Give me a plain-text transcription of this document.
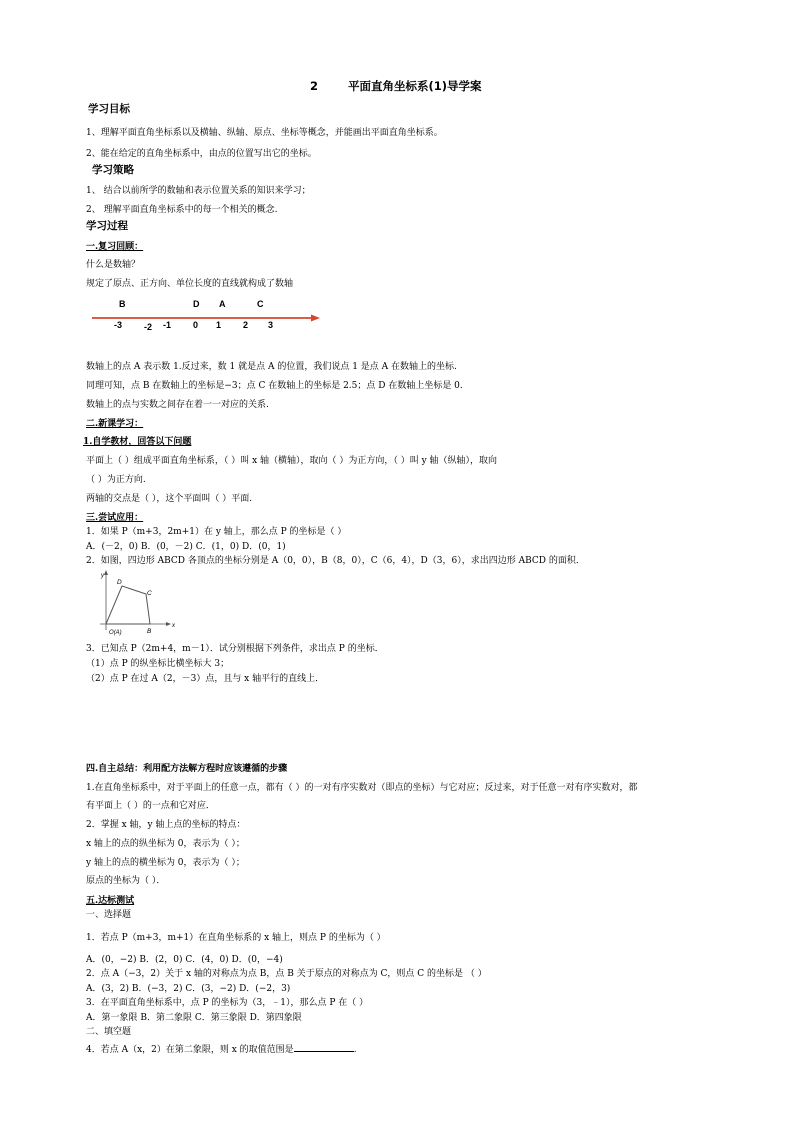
2	平面直角坐标系(1)导学案
学习目标
1、理解平面直角坐标系以及横轴、纵轴、原点、坐标等概念，并能画出平面直角坐标系。
2、能在给定的直角坐标系中，由点的位置写出它的坐标。
学习策略
1、 结合以前所学的数轴和表示位置关系的知识来学习；
2、 理解平面直角坐标系中的每一个相关的概念.
学习过程
一.复习回顾：
什么是数轴？
规定了原点、正方向、单位长度的直线就构成了数轴
B	D A	C
-3 -2 -1 0 1 2 3
数轴上的点 A 表示数 1.反过来，数 1 就是点 A 的位置，我们说点 1 是点 A 在数轴上的坐标.
同理可知，点 B 在数轴上的坐标是−3；点 C 在数轴上的坐标是 2.5；点 D 在数轴上坐标是 0.
数轴上的点与实数之间存在着一一对应的关系.
二.新课学习：
1.自学教材，回答以下问题
平面上（ ）组成平面直角坐标系，（ ）叫 x 轴（横轴），取向（ ）为正方向，（ ）叫 y 轴（纵轴），取向
（ ）为正方向.
两轴的交点是（ ），这个平面叫（ ）平面.
三.尝试应用：
1．如果 P（m+3，2m+1）在 y 轴上，那么点 P 的坐标是（ ）
A．(－2，0) B．(0，－2) C．(1，0) D．(0，1)
2．如图，四边形 ABCD 各顶点的坐标分别是 A（0，0），B（8，0），C（6，4），D（3，6），求出四边形 ABCD 的面积．
y
x
D
C
O(A)	B
3．已知点 P（2m+4，m－1）．试分别根据下列条件，求出点 P 的坐标．
（1）点 P 的纵坐标比横坐标大 3；
（2）点 P 在过 A（2，－3）点，且与 x 轴平行的直线上．
四.自主总结：利用配方法解方程时应该遵循的步骤
1.在直角坐标系中，对于平面上的任意一点，都有（ ）的一对有序实数对（即点的坐标）与它对应；反过来，对于任意一对有序实数对，都
有平面上（ ）的一点和它对应．
2．掌握 x 轴，y 轴上点的坐标的特点：
x 轴上的点的纵坐标为 0，表示为（ ）；
y 轴上的点的横坐标为 0，表示为（ ）；
原点的坐标为（ ）．
五.达标测试
一、选择题
1．若点 P（m+3，m+1）在直角坐标系的 x 轴上，则点 P 的坐标为（ ）
A．(0，−2) B．(2，0) C．(4，0) D．(0，−4)
2．点 A（−3，2）关于 x 轴的对称点为点 B，点 B 关于原点的对称点为 C，则点 C 的坐标是 （ ）
A．(3，2) B．(−3，2) C．(3，−2) D．(−2，3)
3．在平面直角坐标系中，点 P 的坐标为（3，﹣1），那么点 P 在（ ）
A．第一象限 B．第二象限 C．第三象限 D．第四象限
二、填空题
4．若点 A（x，2）在第二象限，则 x 的取值范围是	.
